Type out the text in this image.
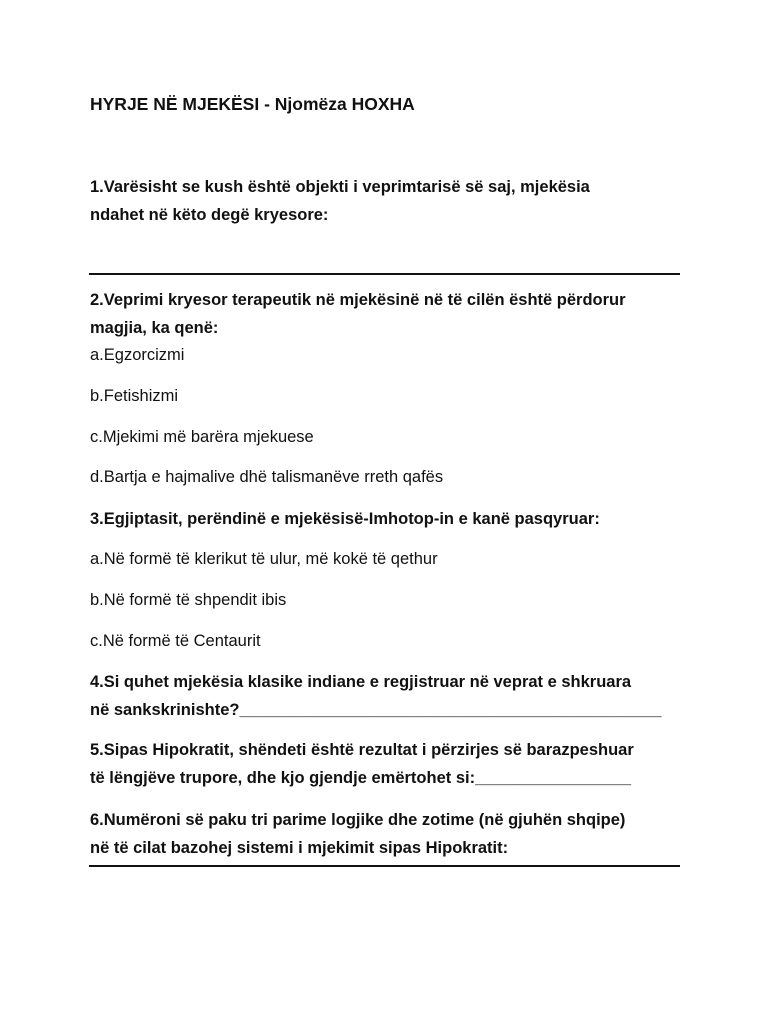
HYRJE NË MJEKËSI - Njomëza HOXHA
1.Varësisht se kush është objekti i veprimtarisë së saj, mjekësia
ndahet në këto degë kryesore:
2.Veprimi kryesor terapeutik në mjekësinë në të cilën është përdorur
magjia, ka qenë:
a.Egzorcizmi
b.Fetishizmi
c.Mjekimi më barëra mjekuese
d.Bartja e hajmalive dhë talismanëve rreth qafës
3.Egjiptasit, perëndinë e mjekësisë-Imhotop-in e kanë pasqyruar:
a.Në formë të klerikut të ulur, më kokë të qethur
b.Në formë të shpendit ibis
c.Në formë të Centaurit
4.Si quhet mjekësia klasike indiane e regjistruar në veprat e shkruara
në sankskrinishte?______________________________________________
5.Sipas Hipokratit, shëndeti është rezultat i përzirjes së barazpeshuar
të lëngjëve trupore, dhe kjo gjendje emërtohet si:_________________
6.Numëroni së paku tri parime logjike dhe zotime (në gjuhën shqipe)
në të cilat bazohej sistemi i mjekimit sipas Hipokratit:
